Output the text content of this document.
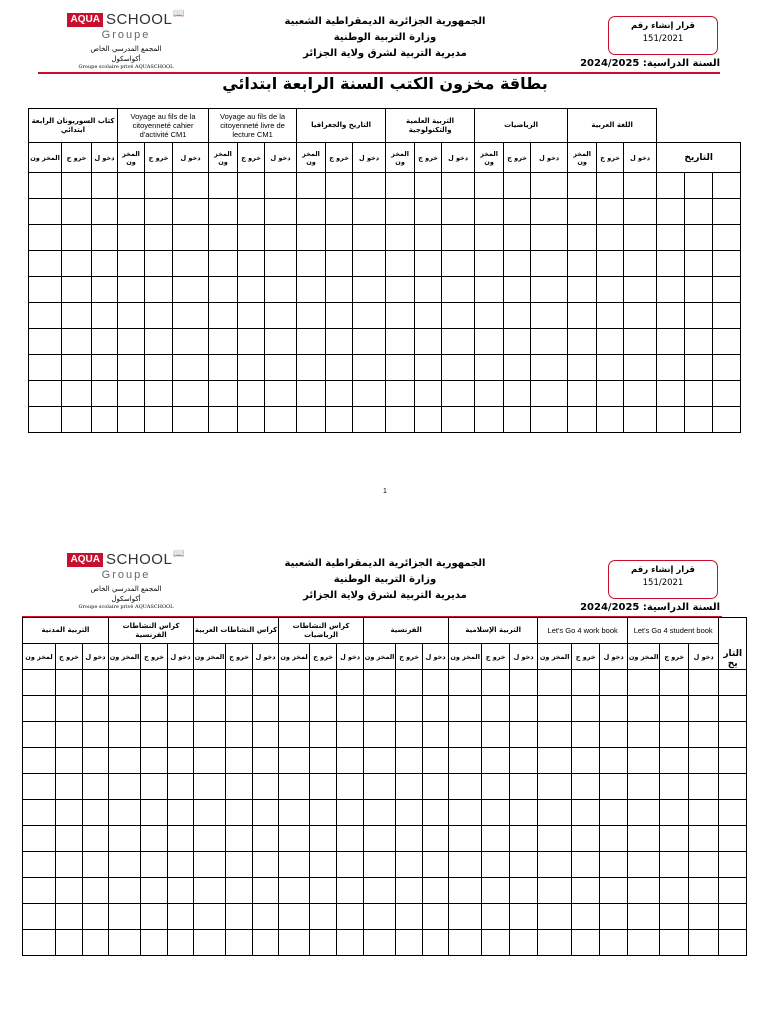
AQUA SCHOOL 📖
Groupe
المجمع المدرسي الخاص أكواسكول
Groupe scolaire privé AQUASCHOOL
الجمهورية الجزائرية الديمقراطية الشعبية
وزارة التربية الوطنية
مديرية التربية لشرق ولاية الجزائر
قرار إنشاء رقم
151/2021
السنة الدراسية: 2024/2025
بطاقة مخزون الكتب السنة الرابعة ابتدائي
كتاب السوريونان الرابعة ابتدائي			Voyage au fils de la citoyenneté cahier d'activité CM1			Voyage au fils de la citoyenneté livre de lecture CM1			التاريخ والجغرافيا			التربية العلمية والتكنولوجية			الرياضيات			اللغة العربية					
المخز ون	خرو ج	دخو ل	المخز ون	خرو ج	دخو ل	المخز ون	خرو ج	دخو ل	المخز ون	خرو ج	دخو ل	المخز ون	خرو ج	دخو ل	المخز ون	خرو ج	دخو ل	المخز ون	خرو ج	دخو ل	التاريخ		

1
AQUA SCHOOL 📖
Groupe
المجمع المدرسي الخاص أكواسكول
Groupe scolaire privé AQUASCHOOL
الجمهورية الجزائرية الديمقراطية الشعبية
وزارة التربية الوطنية
مديرية التربية لشرق ولاية الجزائر
قرار إنشاء رقم
151/2021
السنة الدراسية: 2024/2025
التربية المدنية			كراس النشاطات الفرنسية			كراس النشاطات العربية			كراس النشاطات الرياضيات			الفرنسية			التربية الإسلامية			Let's Go 4 work book			Let's Go 4 student book			التار يخ
لمخز ون	خرو ج	دخو ل	المخز ون	خرو ج	دخو ل	المخز ون	خرو ج	دخو ل	لمخز ون	خرو ج	دخو ل	المخز ون	خرو ج	دخو ل	المخز ون	خرو ج	دخو ل	المخز ون	خرو ج	دخو ل	المخز ون	خرو ج	دخو ل	
